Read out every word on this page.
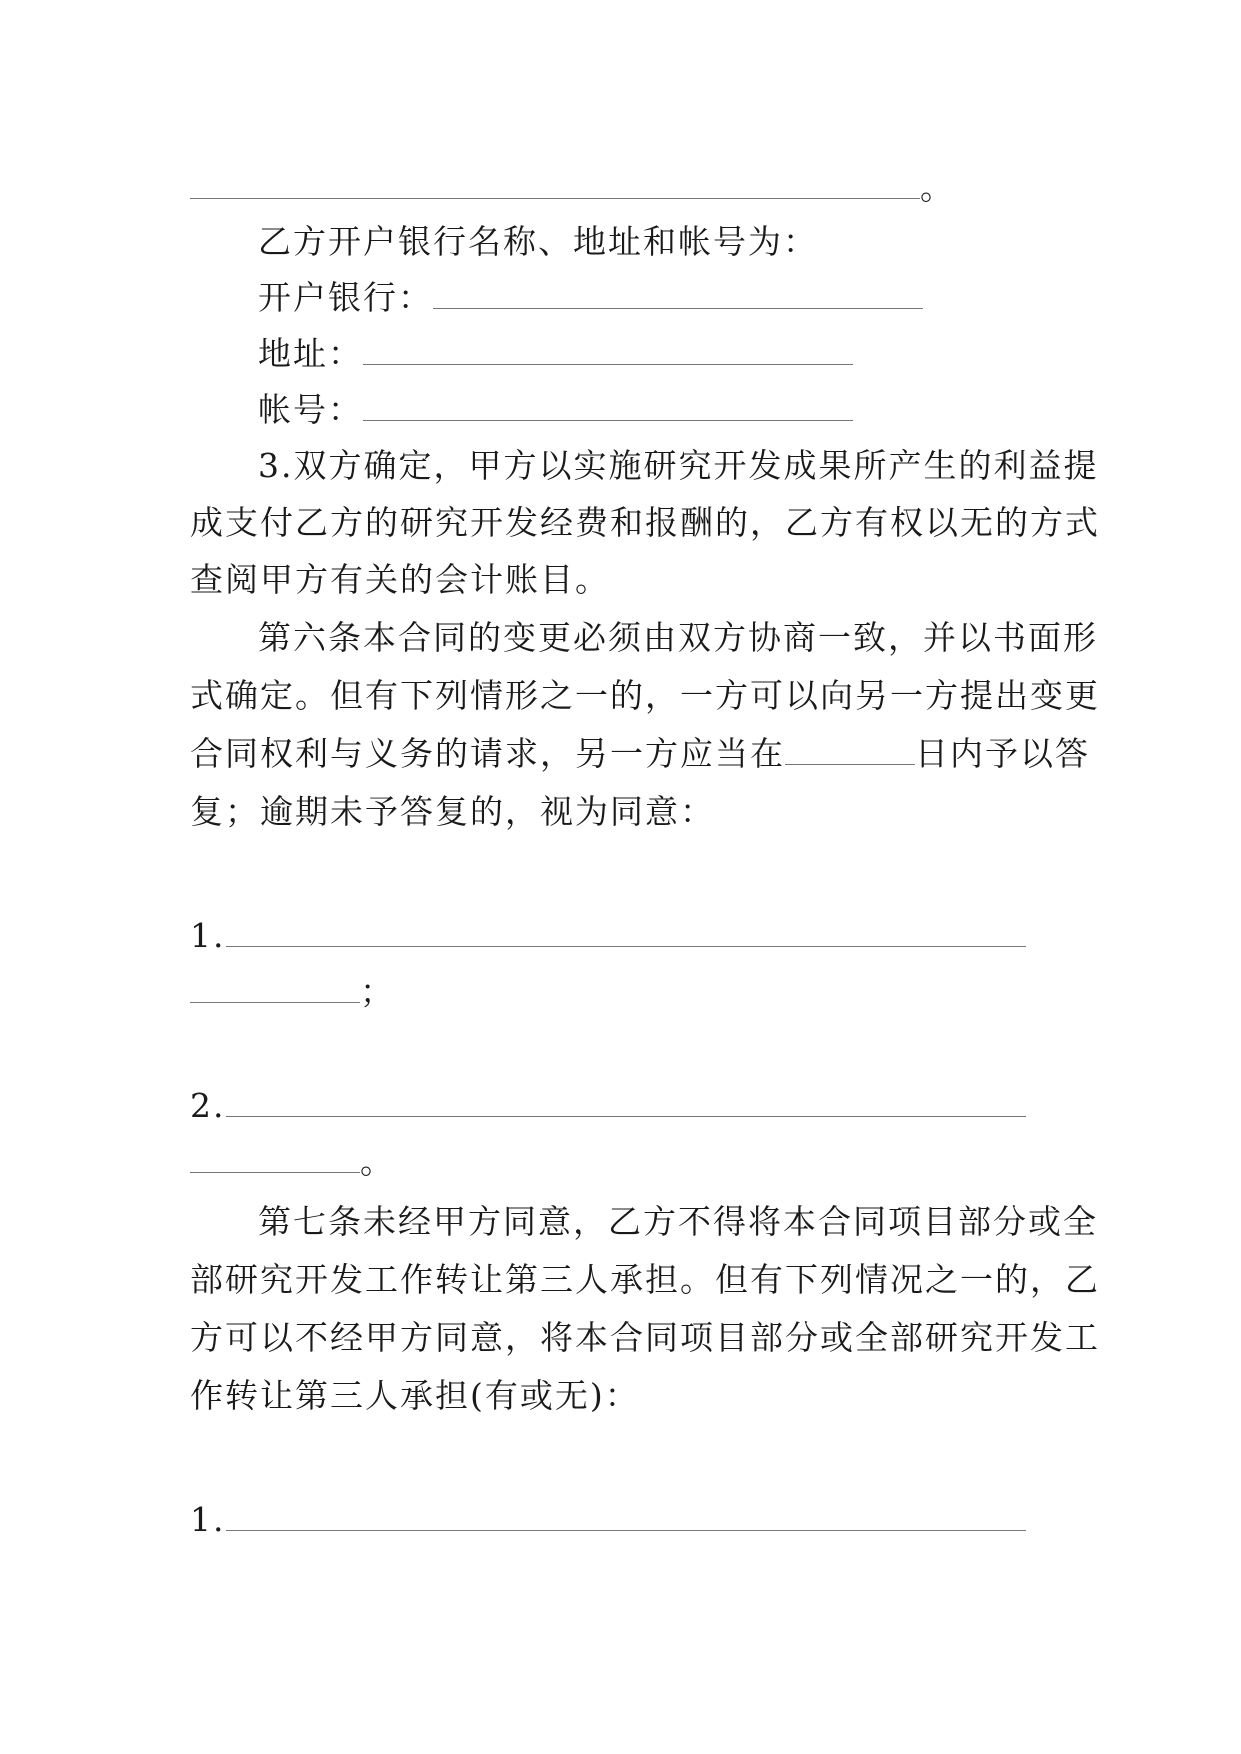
。
乙方开户银行名称、地址和帐号为：
开户银行：
地址：
帐号：
3.双方确定，甲方以实施研究开发成果所产生的利益提
成支付乙方的研究开发经费和报酬的，乙方有权以无的方式
查阅甲方有关的会计账目。
第六条本合同的变更必须由双方协商一致，并以书面形
式确定。但有下列情形之一的，一方可以向另一方提出变更
合同权利与义务的请求，另一方应当在	日内予以答
复；逾期未予答复的，视为同意：
1.
；
2.
。
第七条未经甲方同意，乙方不得将本合同项目部分或全
部研究开发工作转让第三人承担。但有下列情况之一的，乙
方可以不经甲方同意，将本合同项目部分或全部研究开发工
作转让第三人承担(有或无)：
1.
